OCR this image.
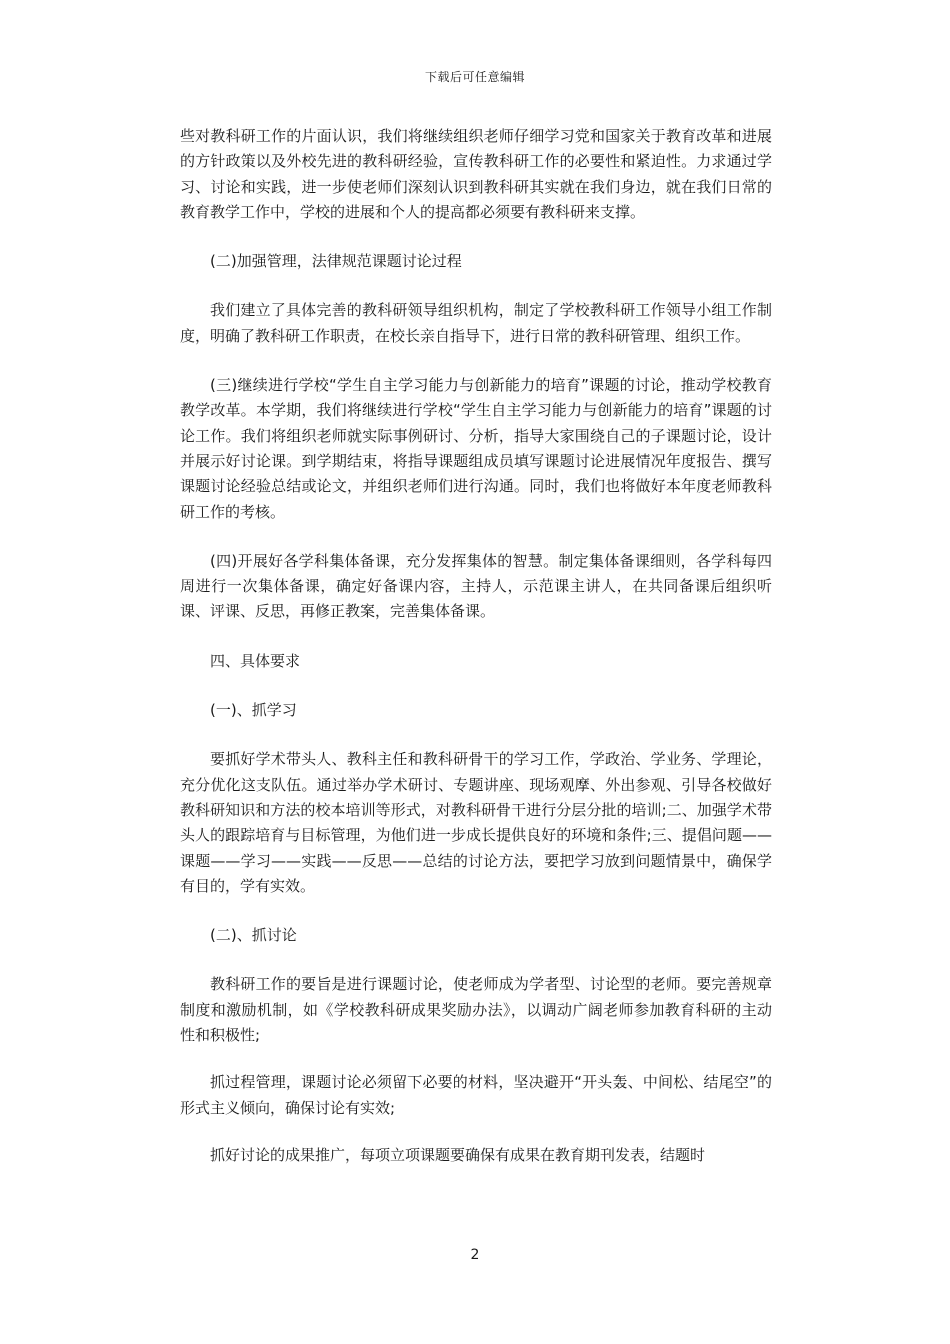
下载后可任意编辑

些对教科研工作的片面认识，我们将继续组织老师仔细学习党和国家关于教育改革和进展的方针政策以及外校先进的教科研经验，宣传教科研工作的必要性和紧迫性。力求通过学习、讨论和实践，进一步使老师们深刻认识到教科研其实就在我们身边，就在我们日常的教育教学工作中，学校的进展和个人的提高都必须要有教科研来支撑。

(二)加强管理，法律规范课题讨论过程

我们建立了具体完善的教科研领导组织机构，制定了学校教科研工作领导小组工作制度，明确了教科研工作职责，在校长亲自指导下，进行日常的教科研管理、组织工作。

(三)继续进行学校“学生自主学习能力与创新能力的培育”课题的讨论，推动学校教育教学改革。本学期，我们将继续进行学校“学生自主学习能力与创新能力的培育”课题的讨论工作。我们将组织老师就实际事例研讨、分析，指导大家围绕自己的子课题讨论，设计并展示好讨论课。到学期结束，将指导课题组成员填写课题讨论进展情况年度报告、撰写课题讨论经验总结或论文，并组织老师们进行沟通。同时，我们也将做好本年度老师教科研工作的考核。

(四)开展好各学科集体备课，充分发挥集体的智慧。制定集体备课细则，各学科每四周进行一次集体备课，确定好备课内容，主持人，示范课主讲人，在共同备课后组织听课、评课、反思，再修正教案，完善集体备课。

四、具体要求

(一)、抓学习

要抓好学术带头人、教科主任和教科研骨干的学习工作，学政治、学业务、学理论，充分优化这支队伍。通过举办学术研讨、专题讲座、现场观摩、外出参观、引导各校做好教科研知识和方法的校本培训等形式，对教科研骨干进行分层分批的培训;二、加强学术带头人的跟踪培育与目标管理，为他们进一步成长提供良好的环境和条件;三、提倡问题——课题——学习——实践——反思——总结的讨论方法，要把学习放到问题情景中，确保学有目的，学有实效。

(二)、抓讨论

教科研工作的要旨是进行课题讨论，使老师成为学者型、讨论型的老师。要完善规章制度和激励机制，如《学校教科研成果奖励办法》，以调动广阔老师参加教育科研的主动性和积极性;

抓过程管理，课题讨论必须留下必要的材料，坚决避开“开头轰、中间松、结尾空”的形式主义倾向，确保讨论有实效;

抓好讨论的成果推广，每项立项课题要确保有成果在教育期刊发表，结题时

2
